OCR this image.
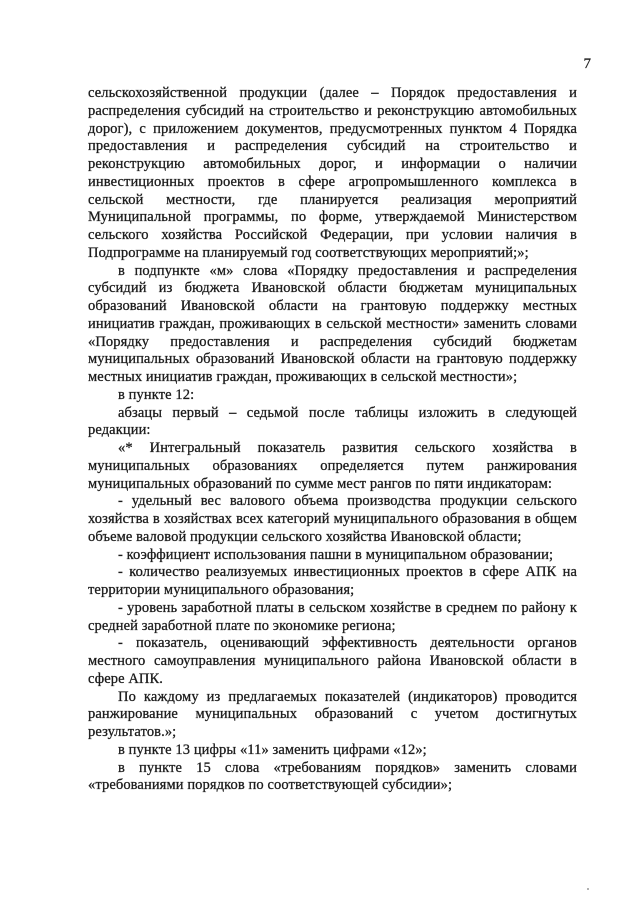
7

сельскохозяйственной продукции (далее – Порядок предоставления и распределения субсидий на строительство и реконструкцию автомобильных дорог), с приложением документов, предусмотренных пунктом 4 Порядка предоставления и распределения субсидий на строительство и реконструкцию автомобильных дорог, и информации о наличии инвестиционных проектов в сфере агропромышленного комплекса в сельской местности, где планируется реализация мероприятий Муниципальной программы, по форме, утверждаемой Министерством сельского хозяйства Российской Федерации, при условии наличия в Подпрограмме на планируемый год соответствующих мероприятий;»;

в подпункте «м» слова «Порядку предоставления и распределения субсидий из бюджета Ивановской области бюджетам муниципальных образований Ивановской области на грантовую поддержку местных инициатив граждан, проживающих в сельской местности» заменить словами «Порядку предоставления и распределения субсидий бюджетам муниципальных образований Ивановской области на грантовую поддержку местных инициатив граждан, проживающих в сельской местности»;

в пункте 12:

абзацы первый – седьмой после таблицы изложить в следующей редакции:

«* Интегральный показатель развития сельского хозяйства в муниципальных образованиях определяется путем ранжирования муниципальных образований по сумме мест рангов по пяти индикаторам:

- удельный вес валового объема производства продукции сельского хозяйства в хозяйствах всех категорий муниципального образования в общем объеме валовой продукции сельского хозяйства Ивановской области;

- коэффициент использования пашни в муниципальном образовании;

- количество реализуемых инвестиционных проектов в сфере АПК на территории муниципального образования;

- уровень заработной платы в сельском хозяйстве в среднем по району к средней заработной плате по экономике региона;

- показатель, оценивающий эффективность деятельности органов местного самоуправления муниципального района Ивановской области в сфере АПК.

По каждому из предлагаемых показателей (индикаторов) проводится ранжирование муниципальных образований с учетом достигнутых результатов.»;

в пункте 13 цифры «11» заменить цифрами «12»;

в пункте 15 слова «требованиям порядков» заменить словами «требованиями порядков по соответствующей субсидии»;
